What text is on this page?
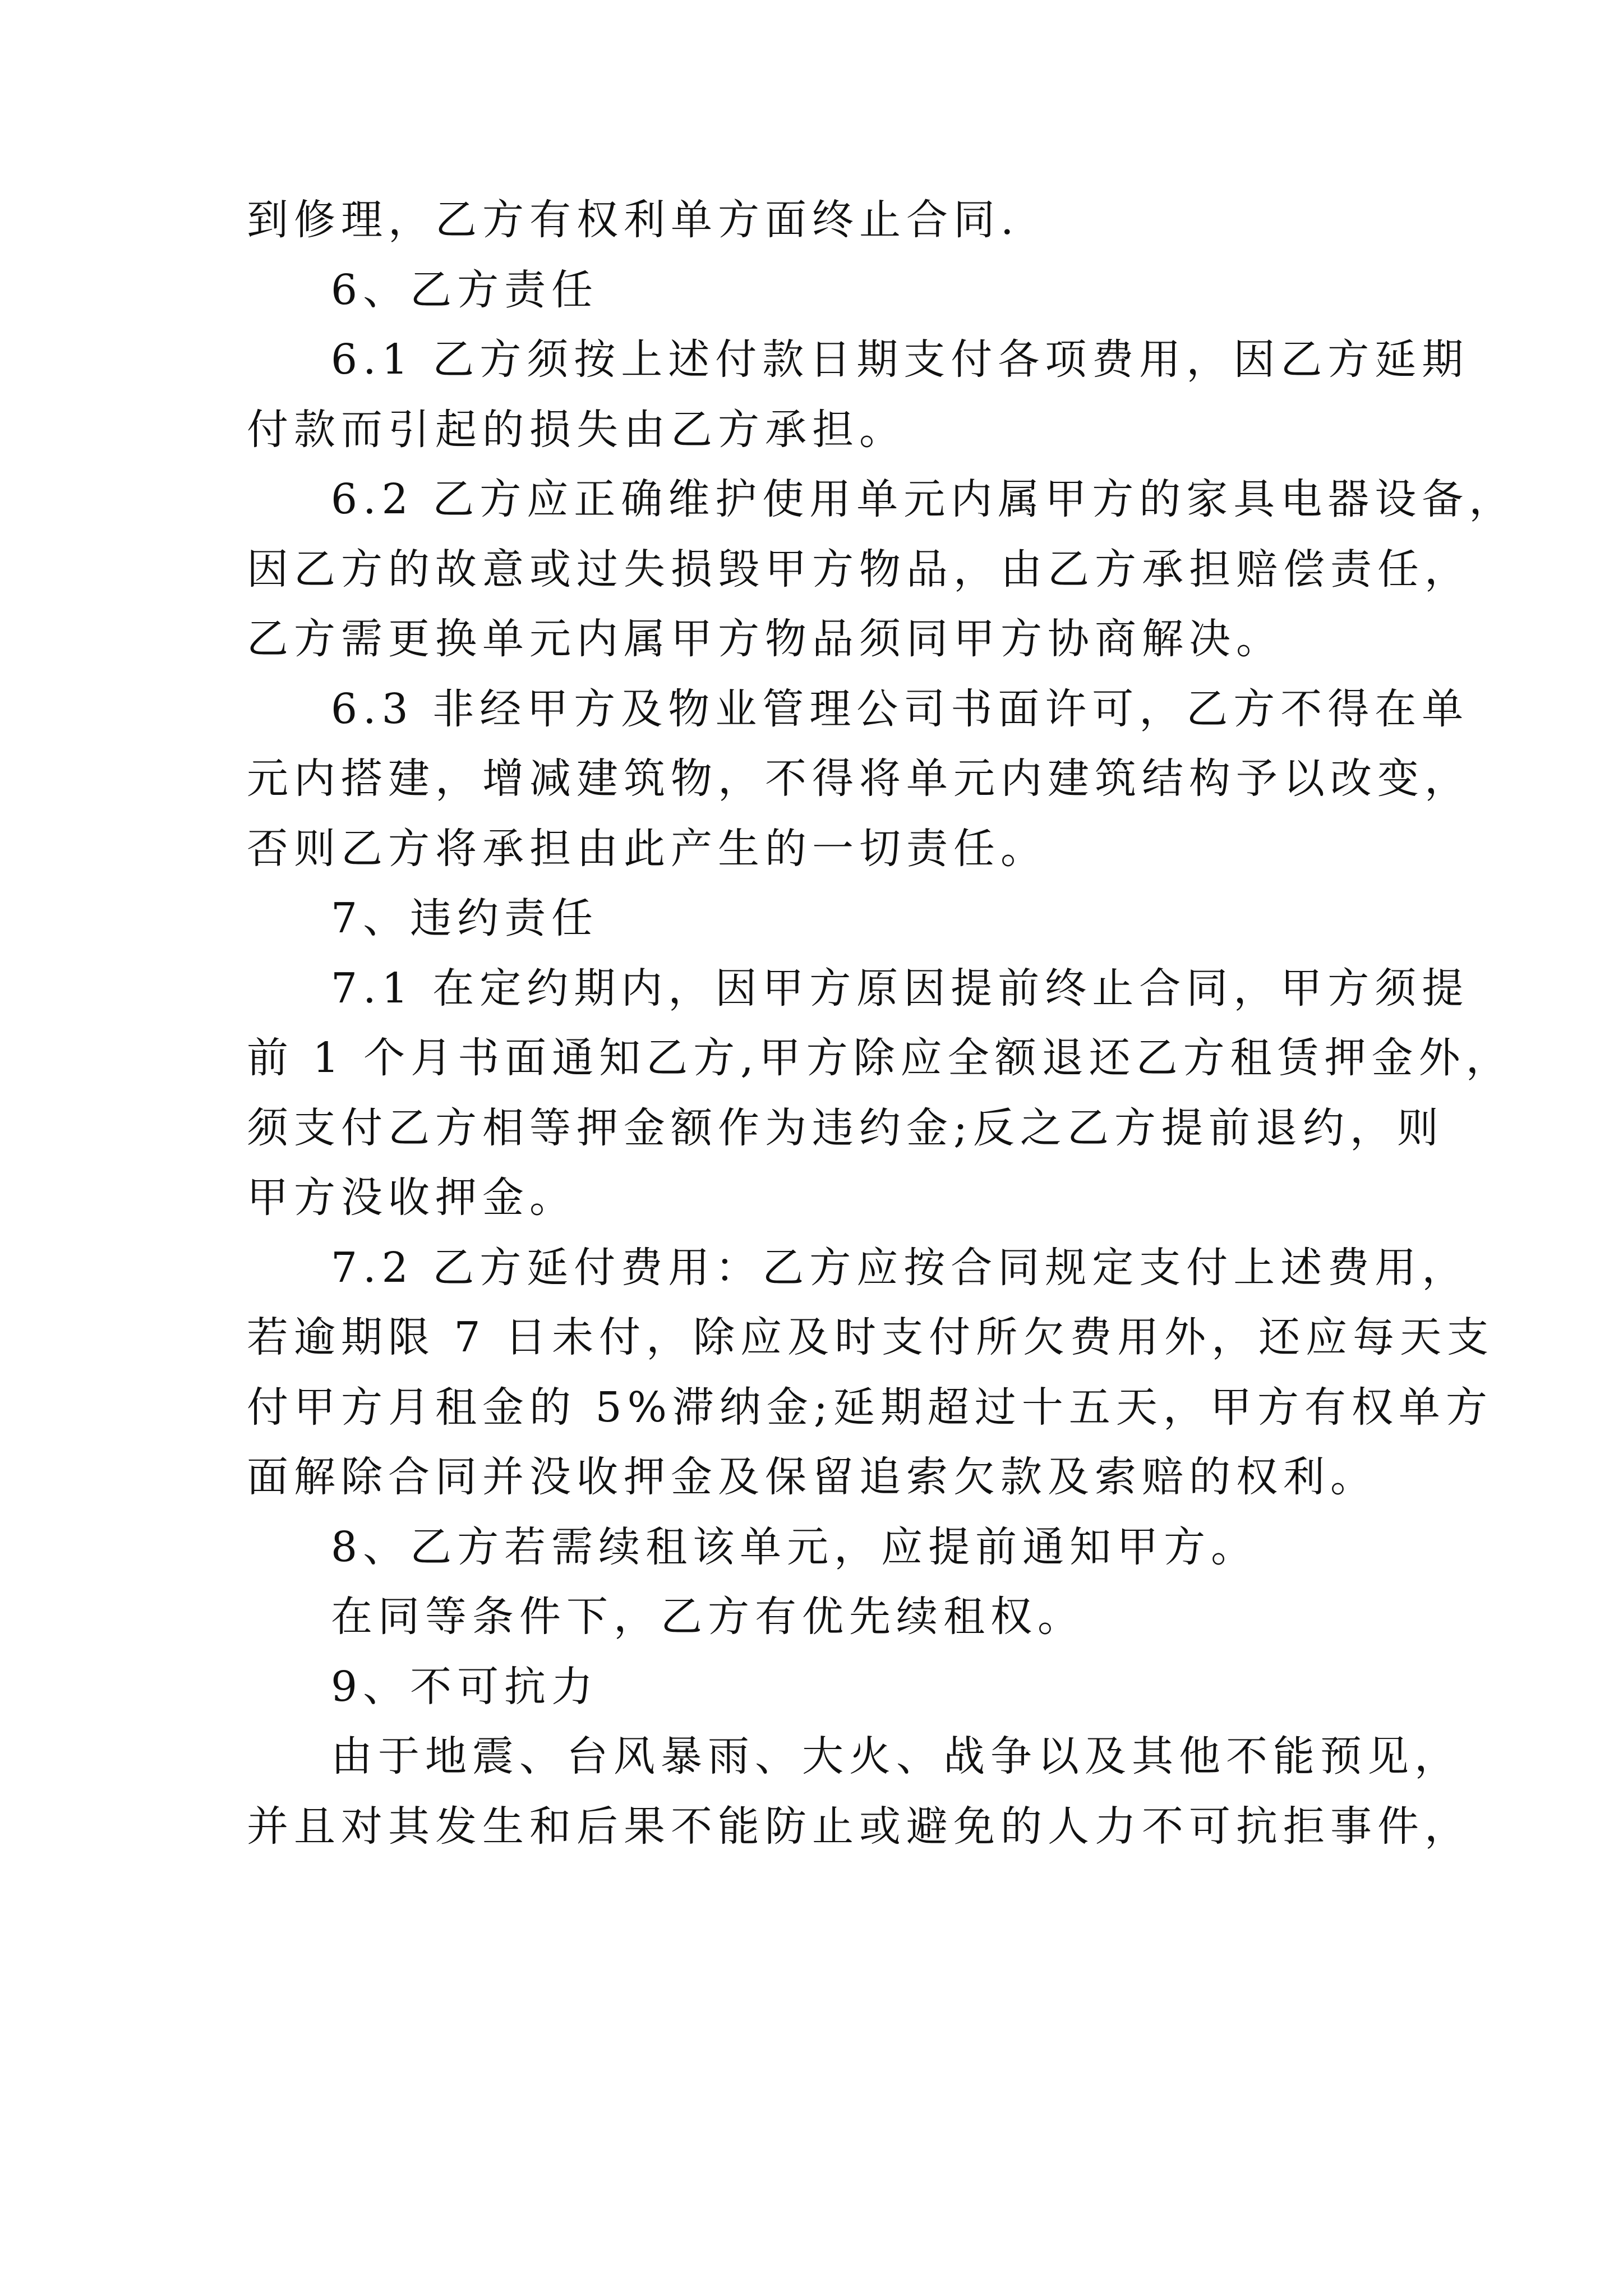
到修理，乙方有权利单方面终止合同.
6、乙方责任
6.1 乙方须按上述付款日期支付各项费用，因乙方延期
付款而引起的损失由乙方承担。
6.2 乙方应正确维护使用单元内属甲方的家具电器设备，
因乙方的故意或过失损毁甲方物品，由乙方承担赔偿责任，
乙方需更换单元内属甲方物品须同甲方协商解决。
6.3 非经甲方及物业管理公司书面许可，乙方不得在单
元内搭建，增减建筑物，不得将单元内建筑结构予以改变，
否则乙方将承担由此产生的一切责任。
7、违约责任
7.1 在定约期内，因甲方原因提前终止合同，甲方须提
前 1 个月书面通知乙方,甲方除应全额退还乙方租赁押金外，
须支付乙方相等押金额作为违约金;反之乙方提前退约，则
甲方没收押金。
7.2 乙方延付费用：乙方应按合同规定支付上述费用，
若逾期限 7 日未付，除应及时支付所欠费用外，还应每天支
付甲方月租金的 5%滞纳金;延期超过十五天，甲方有权单方
面解除合同并没收押金及保留追索欠款及索赔的权利。
8、乙方若需续租该单元，应提前通知甲方。
在同等条件下，乙方有优先续租权。
9、不可抗力
由于地震、台风暴雨、大火、战争以及其他不能预见，
并且对其发生和后果不能防止或避免的人力不可抗拒事件，
